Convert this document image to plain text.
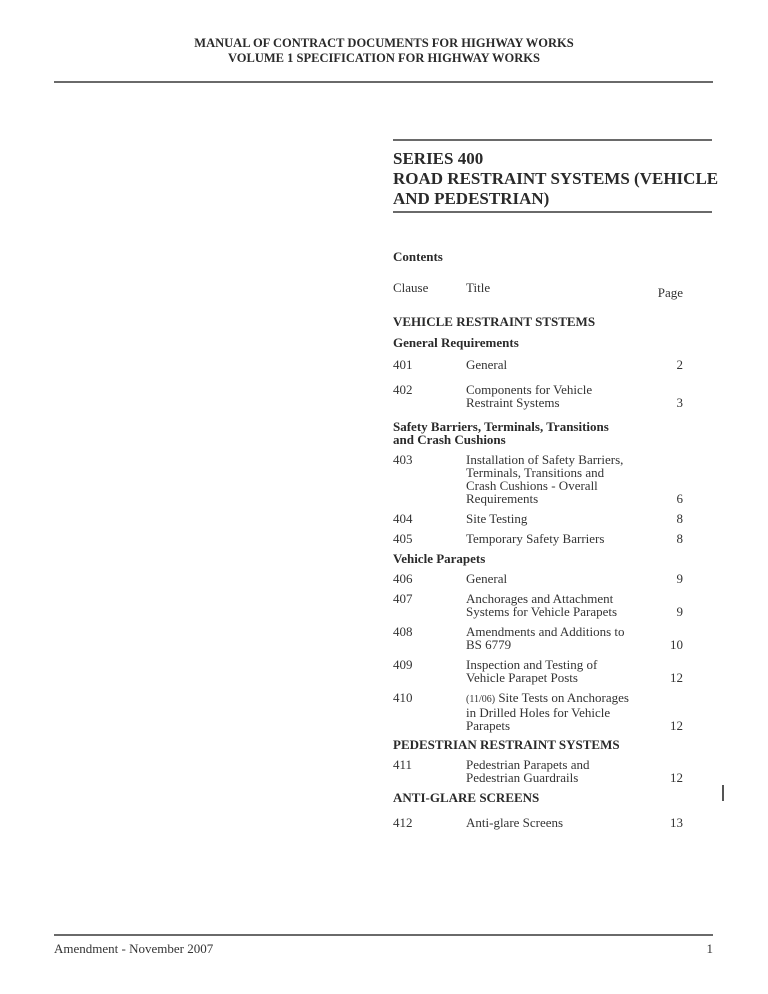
MANUAL OF CONTRACT DOCUMENTS FOR HIGHWAY WORKS
VOLUME 1 SPECIFICATION FOR HIGHWAY WORKS
SERIES 400
ROAD RESTRAINT SYSTEMS (VEHICLE
AND PEDESTRIAN)
Contents
Clause	Title	Page
VEHICLE RESTRAINT STSTEMS
General Requirements
401	General	2
402	Components for Vehicle
Restraint Systems	3
Safety Barriers, Terminals, Transitions
and Crash Cushions
403	Installation of Safety Barriers,
Terminals, Transitions and
Crash Cushions - Overall
Requirements	6
404	Site Testing	8
405	Temporary Safety Barriers	8
Vehicle Parapets
406	General	9
407	Anchorages and Attachment
Systems for Vehicle Parapets	9
408	Amendments and Additions to
BS 6779	10
409	Inspection and Testing of
Vehicle Parapet Posts	12
410	(11/06) Site Tests on Anchorages
in Drilled Holes for Vehicle
Parapets	12
PEDESTRIAN RESTRAINT SYSTEMS
411	Pedestrian Parapets and
Pedestrian Guardrails	12
ANTI-GLARE SCREENS
412	Anti-glare Screens	13
Amendment - November 2007	1
